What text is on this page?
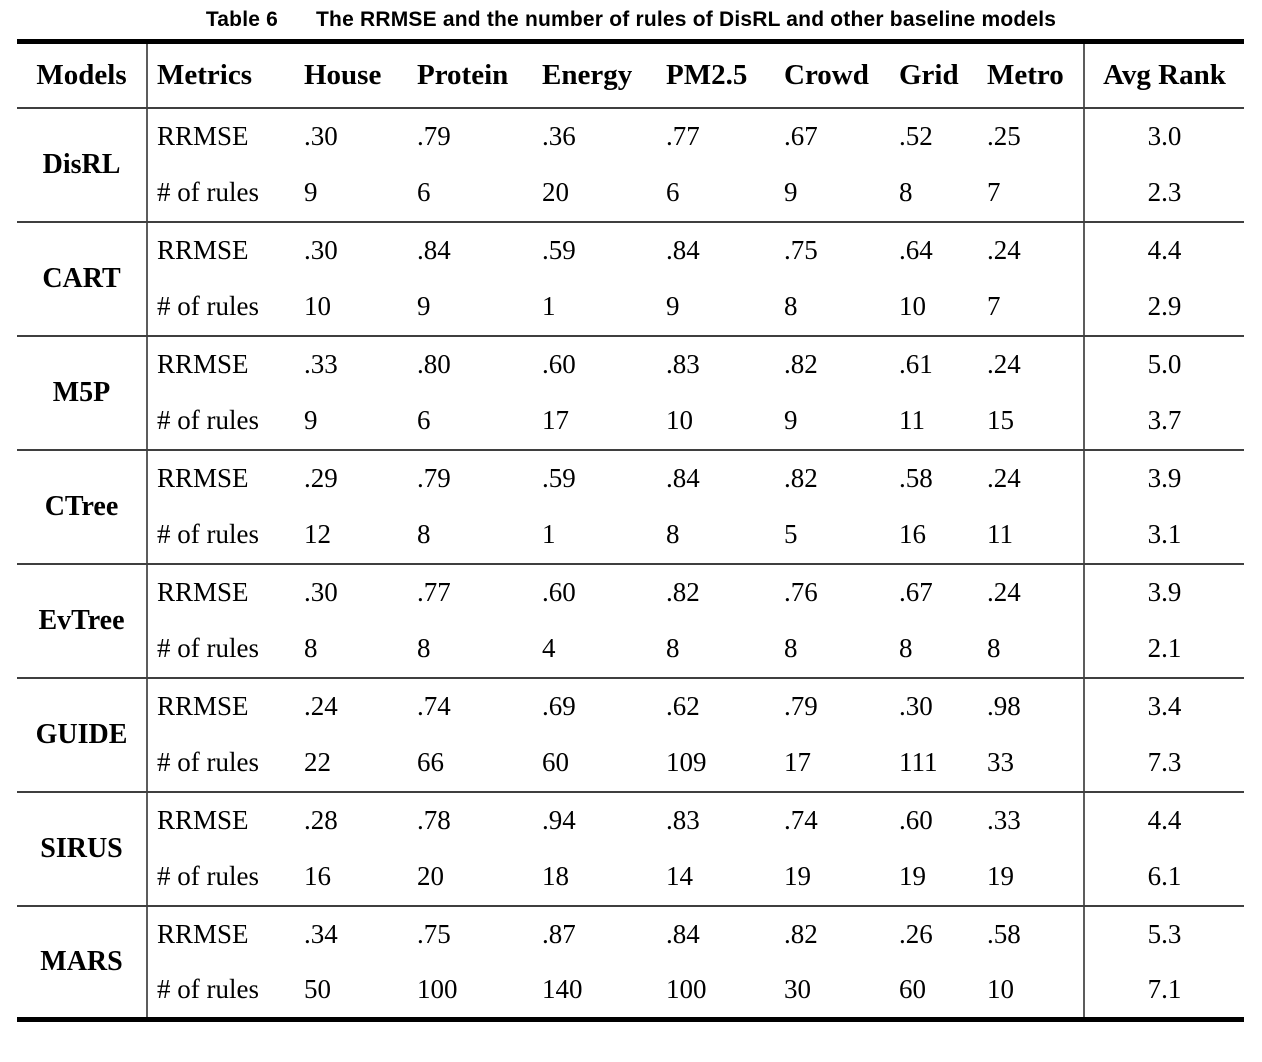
Table 6 The RRMSE and the number of rules of DisRL and other baseline models
Models	Metrics	House	Protein	Energy	PM2.5	Crowd	Grid	Metro	Avg Rank
DisRL	RRMSE	.30	.79	.36	.77	.67	.52	.25	3.0
	# of rules	9	6	20	6	9	8	7	2.3
CART	RRMSE	.30	.84	.59	.84	.75	.64	.24	4.4
	# of rules	10	9	1	9	8	10	7	2.9
M5P	RRMSE	.33	.80	.60	.83	.82	.61	.24	5.0
	# of rules	9	6	17	10	9	11	15	3.7
CTree	RRMSE	.29	.79	.59	.84	.82	.58	.24	3.9
	# of rules	12	8	1	8	5	16	11	3.1
EvTree	RRMSE	.30	.77	.60	.82	.76	.67	.24	3.9
	# of rules	8	8	4	8	8	8	8	2.1
GUIDE	RRMSE	.24	.74	.69	.62	.79	.30	.98	3.4
	# of rules	22	66	60	109	17	111	33	7.3
SIRUS	RRMSE	.28	.78	.94	.83	.74	.60	.33	4.4
	# of rules	16	20	18	14	19	19	19	6.1
MARS	RRMSE	.34	.75	.87	.84	.82	.26	.58	5.3
	# of rules	50	100	140	100	30	60	10	7.1
